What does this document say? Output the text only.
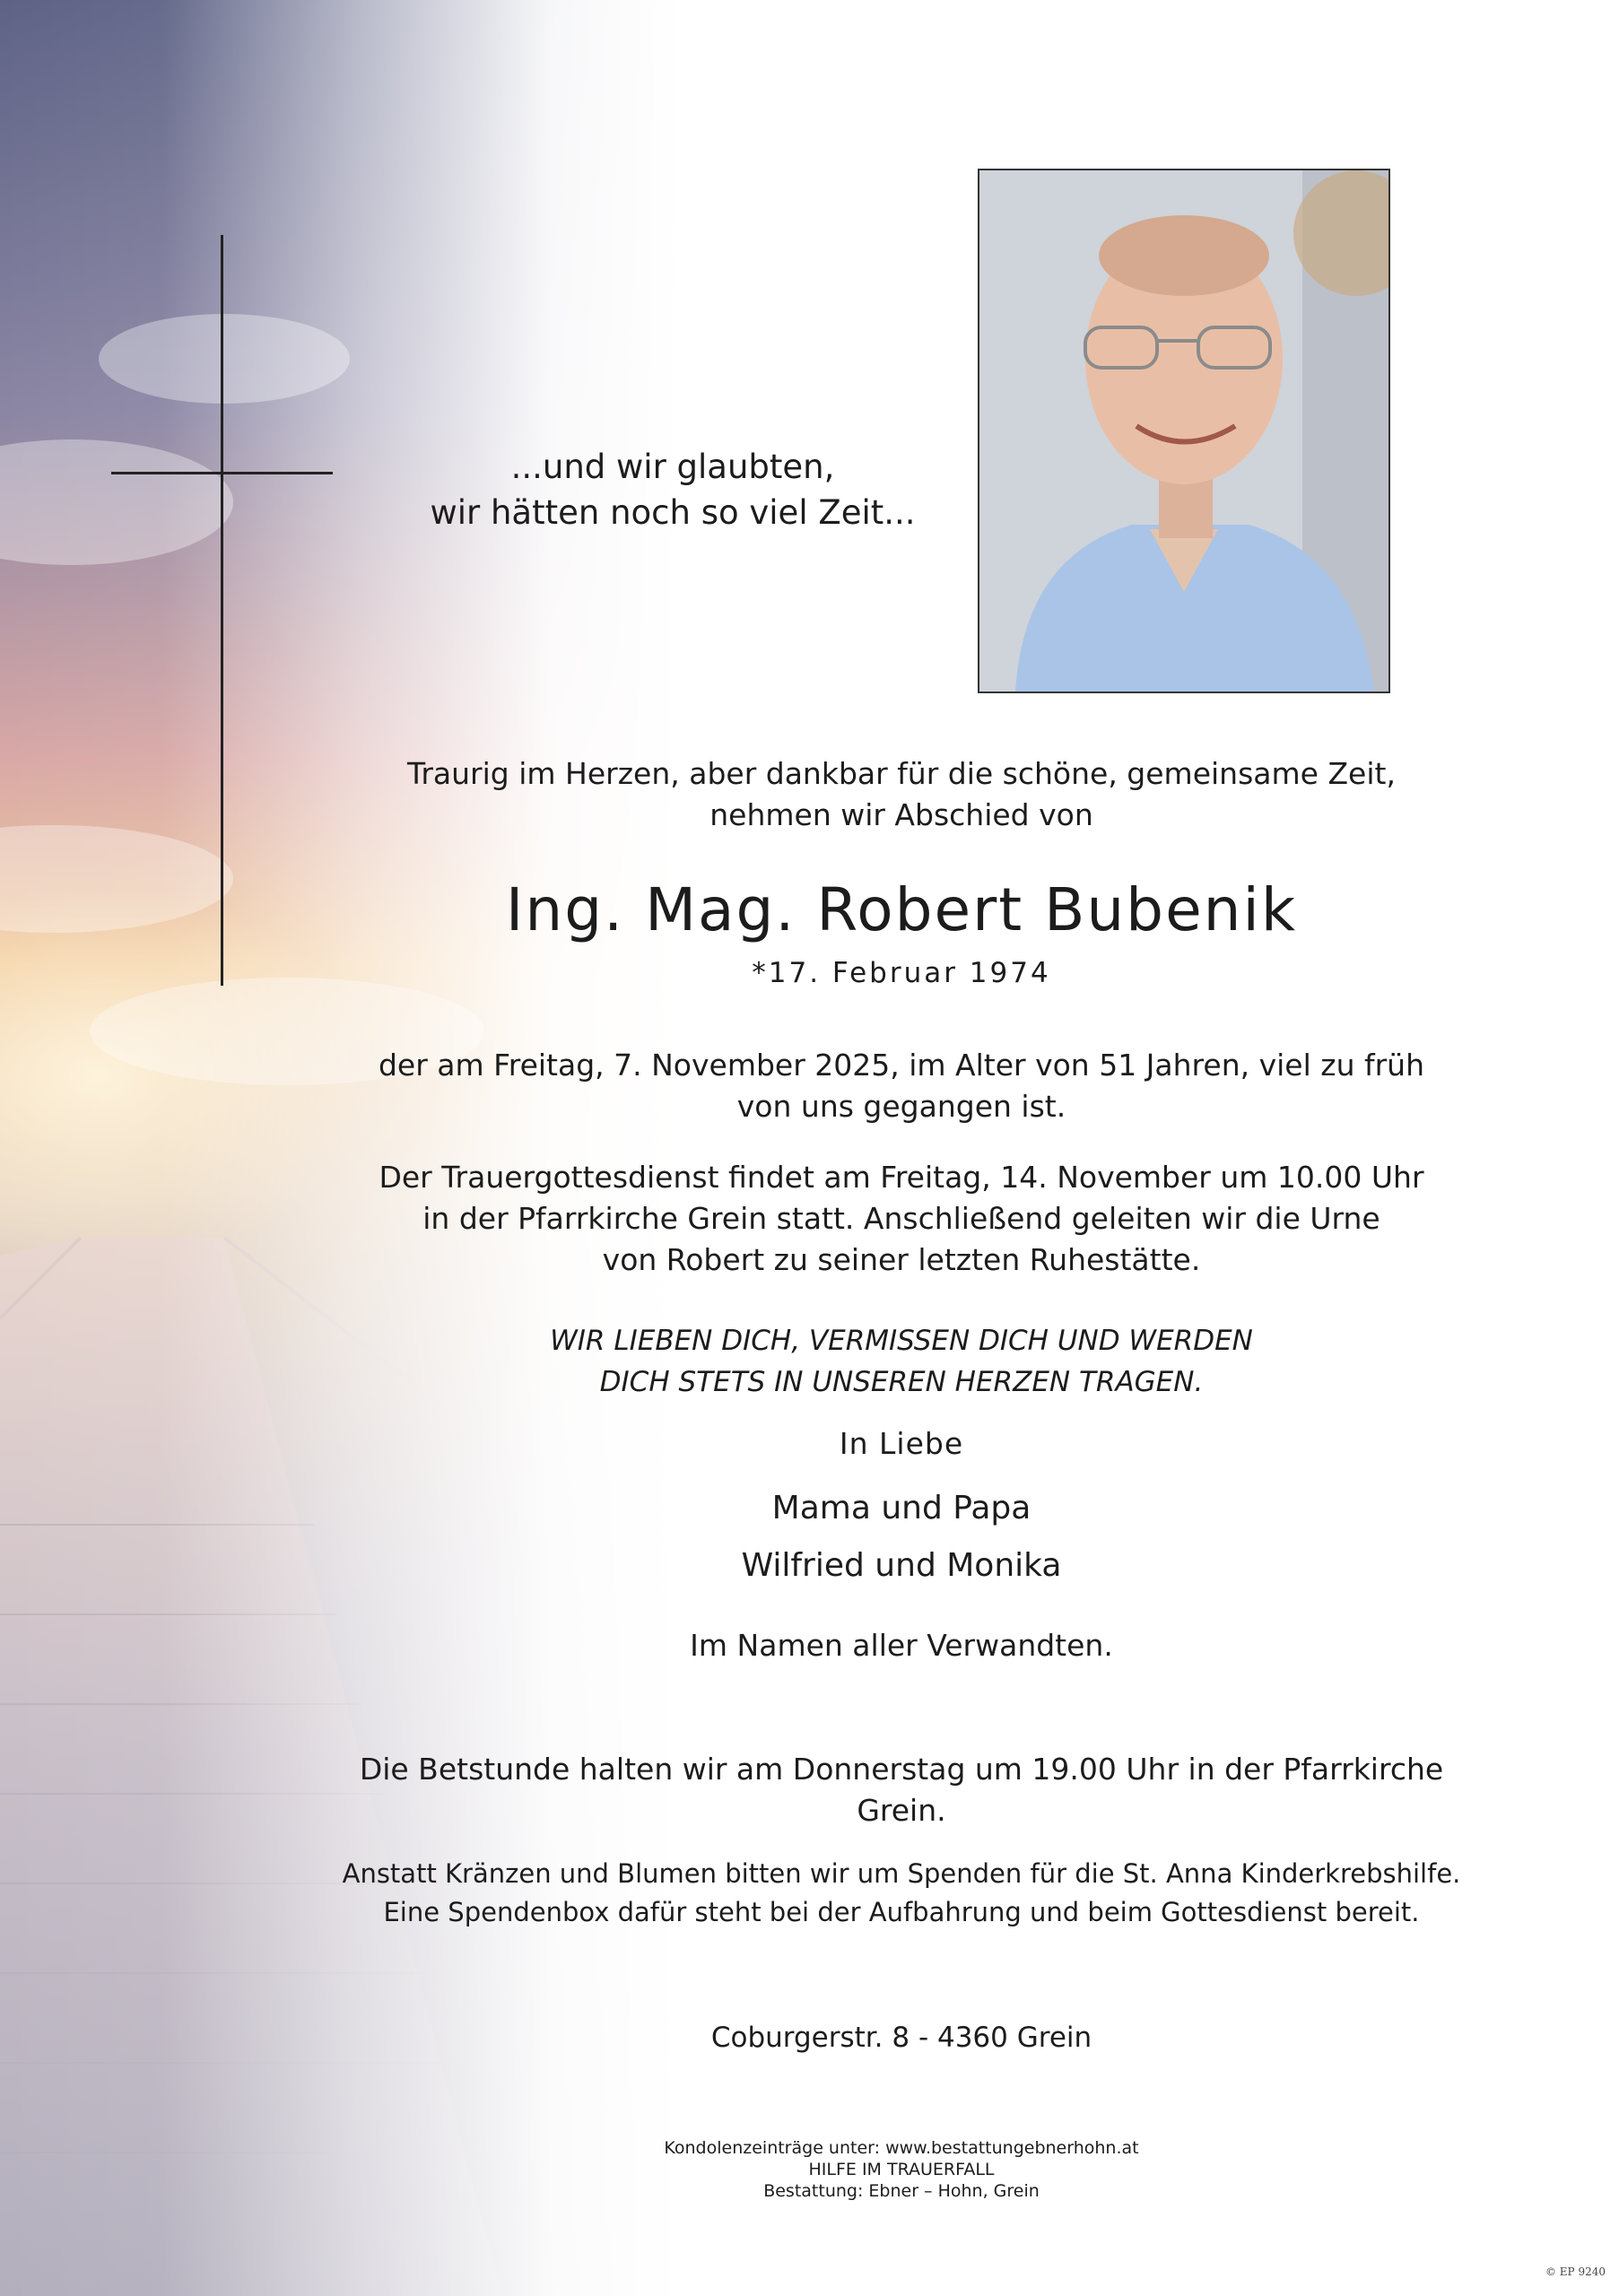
...und wir glaubten,
wir hätten noch so viel Zeit...
Traurig im Herzen, aber dankbar für die schöne, gemeinsame Zeit,
nehmen wir Abschied von
Ing. Mag. Robert Bubenik
*17. Februar 1974
der am Freitag, 7. November 2025, im Alter von 51 Jahren, viel zu früh
von uns gegangen ist.
Der Trauergottesdienst findet am Freitag, 14. November um 10.00 Uhr
in der Pfarrkirche Grein statt. Anschließend geleiten wir die Urne
von Robert zu seiner letzten Ruhestätte.
WIR LIEBEN DICH, VERMISSEN DICH UND WERDEN
DICH STETS IN UNSEREN HERZEN TRAGEN.
In Liebe
Mama und Papa
Wilfried und Monika
Im Namen aller Verwandten.
Die Betstunde halten wir am Donnerstag um 19.00 Uhr in der Pfarrkirche Grein.
Anstatt Kränzen und Blumen bitten wir um Spenden für die St. Anna Kinderkrebshilfe.
Eine Spendenbox dafür steht bei der Aufbahrung und beim Gottesdienst bereit.
Coburgerstr. 8 - 4360 Grein
Kondolenzeinträge unter: www.bestattungebnerhohn.at
HILFE IM TRAUERFALL
Bestattung: Ebner – Hohn, Grein
© EP 9240
